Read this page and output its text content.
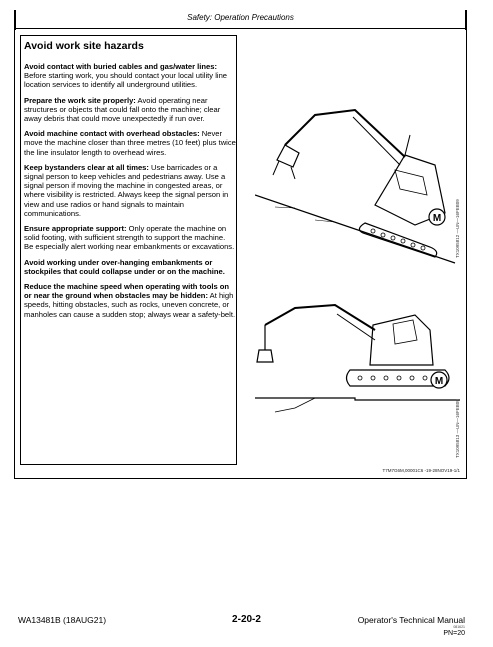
Safety: Operation Precautions
Avoid work site hazards

Avoid contact with buried cables and gas/water lines: Before starting work, you should contact your local utility line location services to identify all underground utilities.

Prepare the work site properly: Avoid operating near structures or objects that could fall onto the machine; clear away debris that could move unexpectedly if run over.

Avoid machine contact with overhead obstacles: Never move the machine closer than three metres (10 feet) plus twice the line insulator length to overhead wires.

Keep bystanders clear at all times: Use barricades or a signal person to keep vehicles and pedestrians away. Use a signal person if moving the machine in congested areas, or where visibility is restricted. Always keep the signal person in view and use radios or hand signals to maintain communications.

Ensure appropriate support: Only operate the machine on solid footing, with sufficient strength to support the machine. Be especially alert working near embankments or excavations.

Avoid working under over-hanging embankments or stockpiles that could collapse under or on the machine.

Reduce the machine speed when operating with tools on or near the ground when obstacles may be hidden: At high speeds, hitting obstacles, such as rocks, uneven concrete, or manholes can cause a sudden stop; always wear a safety-belt.

M	TX1095812 —UN—16FEB09
M
TX1095813 —UN—16FEB09
T7M7G6M,00001C6 -19-28NOV19-1/1
WA13481B (18AUG21)	2-20-2	Operator's Technical Manual
081621
PN=20
